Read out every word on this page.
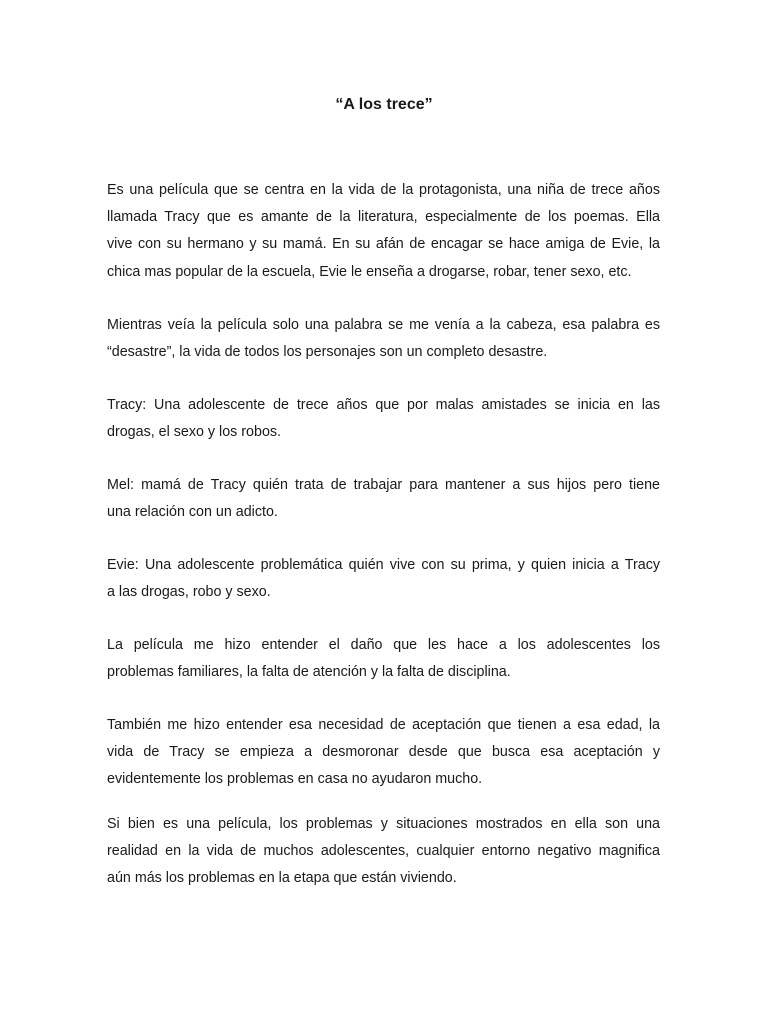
“A los trece”

Es una película que se centra en la vida de la protagonista, una niña de trece años
llamada Tracy que es amante de la literatura, especialmente de los poemas. Ella
vive con su hermano y su mamá. En su afán de encagar se hace amiga de Evie, la
chica mas popular de la escuela, Evie le enseña a drogarse, robar, tener sexo, etc.

Mientras veía la película solo una palabra se me venía a la cabeza, esa palabra es
“desastre”, la vida de todos los personajes son un completo desastre.

Tracy: Una adolescente de trece años que por malas amistades se inicia en las
drogas, el sexo y los robos.

Mel: mamá de Tracy quién trata de trabajar para mantener a sus hijos pero tiene
una relación con un adicto.

Evie: Una adolescente problemática quién vive con su prima, y quien inicia a Tracy
a las drogas, robo y sexo.

La película me hizo entender el daño que les hace a los adolescentes los
problemas familiares, la falta de atención y la falta de disciplina.

También me hizo entender esa necesidad de aceptación que tienen a esa edad, la
vida de Tracy se empieza a desmoronar desde que busca esa aceptación y
evidentemente los problemas en casa no ayudaron mucho.

Si bien es una película, los problemas y situaciones mostrados en ella son una
realidad en la vida de muchos adolescentes, cualquier entorno negativo magnifica
aún más los problemas en la etapa que están viviendo.
